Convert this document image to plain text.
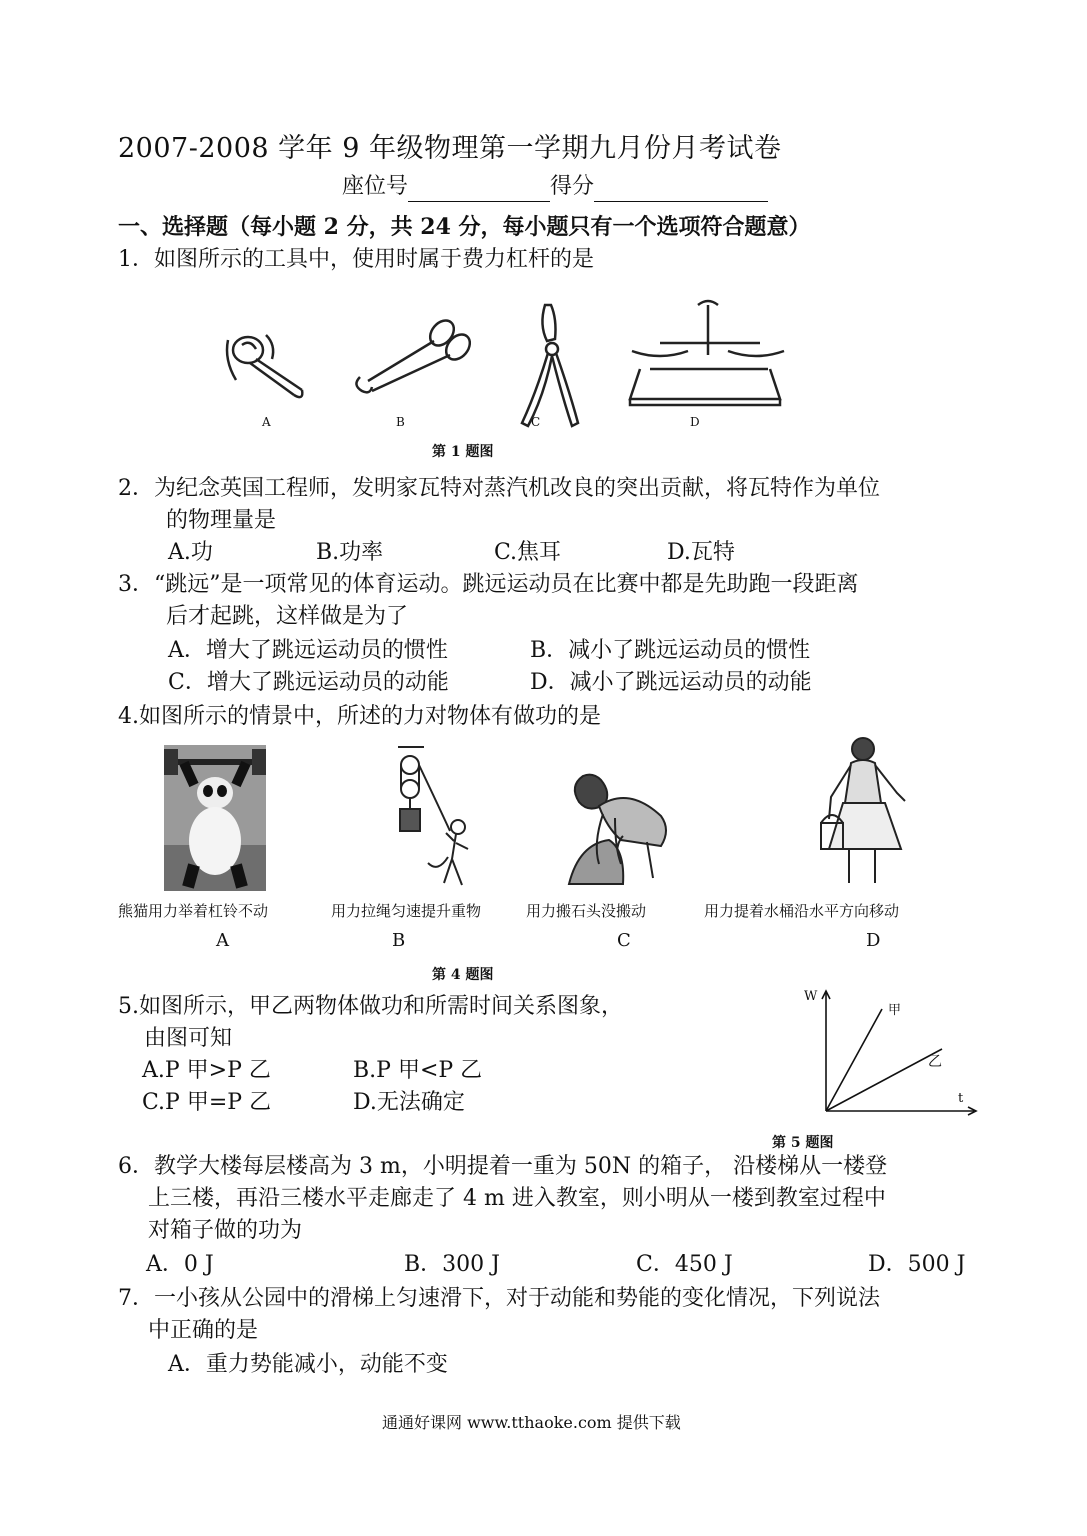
2007-2008 学年 9 年级物理第一学期九月份月考试卷
座位号	得分
一、选择题（每小题 2 分，共 24 分，每小题只有一个选项符合题意）
1．如图所示的工具中，使用时属于费力杠杆的是
A	B	C	D
第 1 题图
2．为纪念英国工程师，发明家瓦特对蒸汽机改良的突出贡献，将瓦特作为单位
的物理量是
A.功	B.功率	C.焦耳	D.瓦特
3．“跳远”是一项常见的体育运动。跳远运动员在比赛中都是先助跑一段距离
后才起跳，这样做是为了
A．增大了跳远运动员的惯性	B．减小了跳远运动员的惯性
C．增大了跳远运动员的动能	D．减小了跳远运动员的动能
4.如图所示的情景中，所述的力对物体有做功的是
熊猫用力举着杠铃不动	用力拉绳匀速提升重物	用力搬石头没搬动	用力提着水桶沿水平方向移动
A	B	C	D
第 4 题图
5.如图所示，甲乙两物体做功和所需时间关系图象，
由图可知
A.P 甲>P 乙	B.P 甲<P 乙
C.P 甲=P 乙	D.无法确定
W
t
甲
乙
第 5 题图
6．教学大楼每层楼高为 3 m，小明提着一重为 50N 的箱子， 沿楼梯从一楼登
上三楼，再沿三楼水平走廊走了 4 m 进入教室，则小明从一楼到教室过程中
对箱子做的功为
A．0 J	B．300 J	C．450 J	D．500 J
7．一小孩从公园中的滑梯上匀速滑下，对于动能和势能的变化情况，下列说法
中正确的是
A．重力势能减小，动能不变
通通好课网 www.tthaoke.com 提供下载
